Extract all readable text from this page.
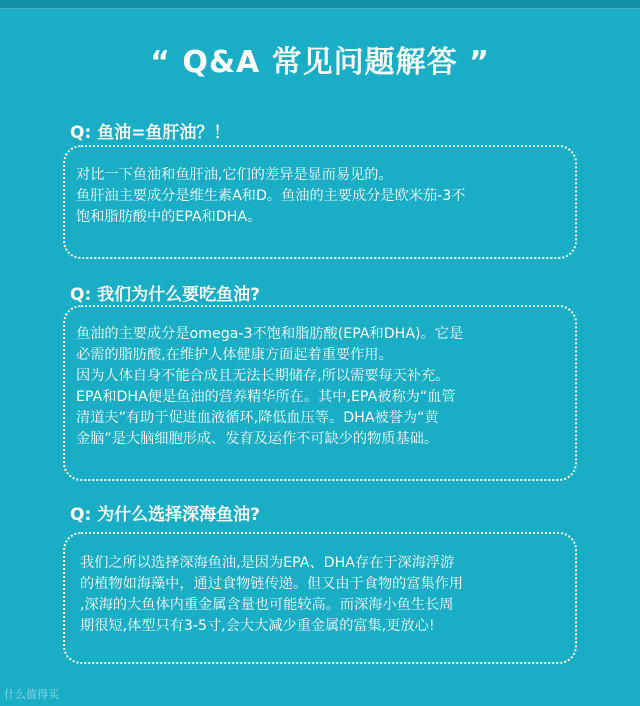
“ Q&A 常见问题解答 ”
Q: 鱼油=鱼肝油？！
对比一下鱼油和鱼肝油,它们的差异是显而易见的。
鱼肝油主要成分是维生素A和D。鱼油的主要成分是欧米茄-3不
饱和脂肪酸中的EPA和DHA。
Q: 我们为什么要吃鱼油?
鱼油的主要成分是omega-3不饱和脂肪酸(EPA和DHA)。它是
必需的脂肪酸,在维护人体健康方面起着重要作用。
因为人体自身不能合成且无法长期储存,所以需要每天补充。
EPA和DHA便是鱼油的营养精华所在。其中,EPA被称为“血管
清道夫”有助于促进血液循环,降低血压等。DHA被誉为“黄
金脑”是大脑细胞形成、发育及运作不可缺少的物质基础。
Q: 为什么选择深海鱼油?
我们之所以选择深海鱼油,是因为EPA、DHA存在于深海浮游
的植物如海藻中，通过食物链传递。但又由于食物的富集作用
,深海的大鱼体内重金属含量也可能较高。而深海小鱼生长周
期很短,体型只有3-5寸,会大大减少重金属的富集,更放心!
什么值得买
